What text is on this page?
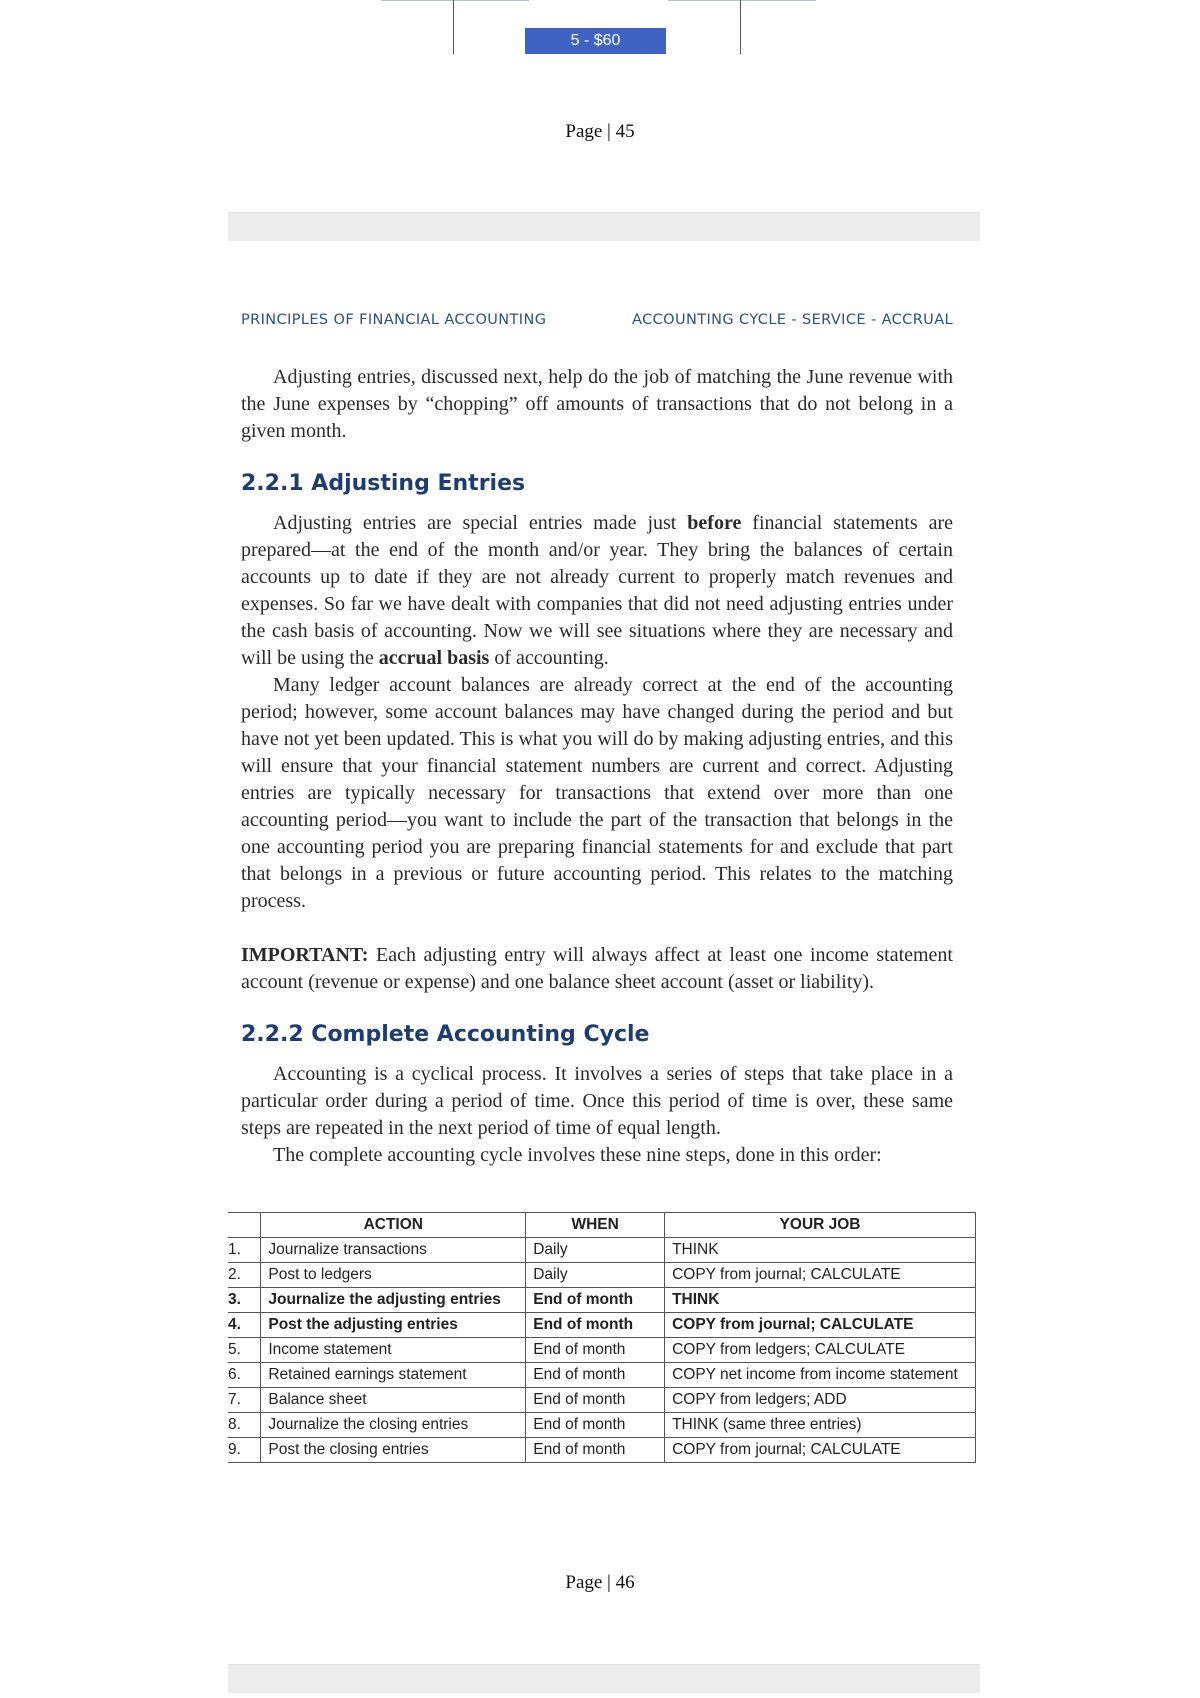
5 - $60
Page | 45
PRINCIPLES OF FINANCIAL ACCOUNTING	ACCOUNTING CYCLE - SERVICE - ACCRUAL

Adjusting entries, discussed next, help do the job of matching the June revenue with the June expenses by “chopping” off amounts of transactions that do not belong in a given month.

2.2.1 Adjusting Entries

Adjusting entries are special entries made just before financial statements are prepared—at the end of the month and/or year. They bring the balances of certain accounts up to date if they are not already current to properly match revenues and expenses. So far we have dealt with companies that did not need adjusting entries under the cash basis of accounting. Now we will see situations where they are necessary and will be using the accrual basis of accounting.

Many ledger account balances are already correct at the end of the accounting period; however, some account balances may have changed during the period and but have not yet been updated. This is what you will do by making adjusting entries, and this will ensure that your financial statement numbers are current and correct. Adjusting entries are typically necessary for transactions that extend over more than one accounting period—you want to include the part of the transaction that belongs in the one accounting period you are preparing financial statements for and exclude that part that belongs in a previous or future accounting period. This relates to the matching process.

IMPORTANT: Each adjusting entry will always affect at least one income statement account (revenue or expense) and one balance sheet account (asset or liability).

2.2.2 Complete Accounting Cycle

Accounting is a cyclical process. It involves a series of steps that take place in a particular order during a period of time. Once this period of time is over, these same steps are repeated in the next period of time of equal length.

The complete accounting cycle involves these nine steps, done in this order:

	ACTION	WHEN	YOUR JOB
1.	Journalize transactions	Daily	THINK
2.	Post to ledgers	Daily	COPY from journal; CALCULATE
3.	Journalize the adjusting entries	End of month	THINK
4.	Post the adjusting entries	End of month	COPY from journal; CALCULATE
5.	Income statement	End of month	COPY from ledgers; CALCULATE
6.	Retained earnings statement	End of month	COPY net income from income statement
7.	Balance sheet	End of month	COPY from ledgers; ADD
8.	Journalize the closing entries	End of month	THINK (same three entries)
9.	Post the closing entries	End of month	COPY from journal; CALCULATE
Page | 46
